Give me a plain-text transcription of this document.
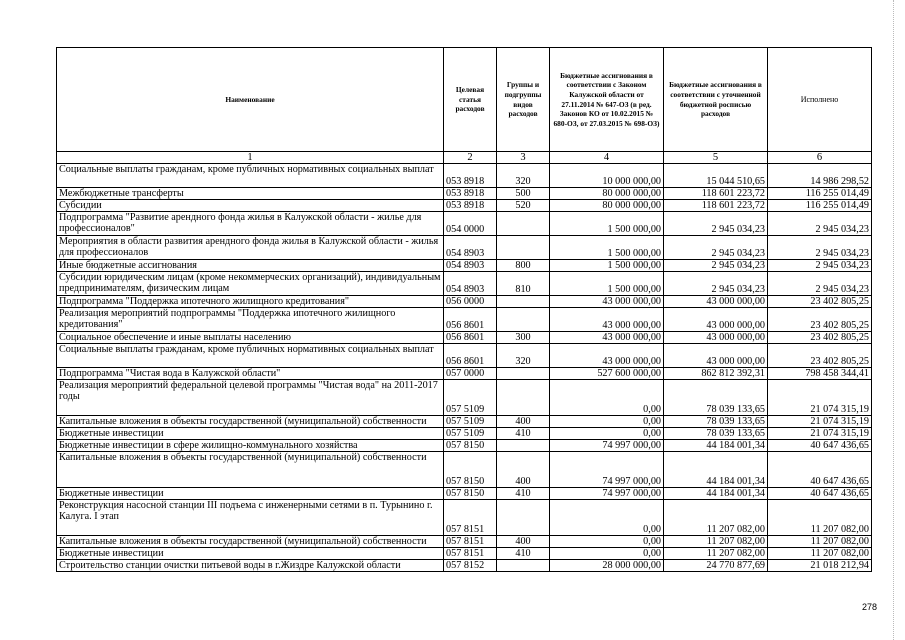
Наименование	Целевая статья расходов	Группы и подгруппы видов расходов	Бюджетные ассигнования в соответствии с Законом Калужской области от 27.11.2014 № 647-ОЗ (в ред. Законов КО от 10.02.2015 № 680-ОЗ, от 27.03.2015 № 698-ОЗ)	Бюджетные ассигнования в соответствии с уточненной бюджетной росписью расходов	Исполнено
1	2	3	4	5	6
Социальные выплаты гражданам, кроме публичных нормативных социальных выплат	053 8918	320	10 000 000,00	15 044 510,65	14 986 298,52
Межбюджетные трансферты	053 8918	500	80 000 000,00	118 601 223,72	116 255 014,49
Субсидии	053 8918	520	80 000 000,00	118 601 223,72	116 255 014,49
Подпрограмма "Развитие арендного фонда жилья в Калужской области - жилье для профессионалов"	054 0000		1 500 000,00	2 945 034,23	2 945 034,23
Мероприятия в области развития арендного фонда жилья в Калужской области - жилья для профессионалов	054 8903		1 500 000,00	2 945 034,23	2 945 034,23
Иные бюджетные ассигнования	054 8903	800	1 500 000,00	2 945 034,23	2 945 034,23
Субсидии юридическим лицам (кроме некоммерческих организаций), индивидуальным предпринимателям, физическим лицам	054 8903	810	1 500 000,00	2 945 034,23	2 945 034,23
Подпрограмма "Поддержка ипотечного жилищного кредитования"	056 0000		43 000 000,00	43 000 000,00	23 402 805,25
Реализация мероприятий подпрограммы "Поддержка ипотечного жилищного кредитования"	056 8601		43 000 000,00	43 000 000,00	23 402 805,25
Социальное обеспечение и иные выплаты населению	056 8601	300	43 000 000,00	43 000 000,00	23 402 805,25
Социальные выплаты гражданам, кроме публичных нормативных социальных выплат	056 8601	320	43 000 000,00	43 000 000,00	23 402 805,25
Подпрограмма "Чистая вода в Калужской области"	057 0000		527 600 000,00	862 812 392,31	798 458 344,41
Реализация мероприятий федеральной целевой программы "Чистая вода" на 2011-2017 годы	057 5109		0,00	78 039 133,65	21 074 315,19
Капитальные вложения в объекты государственной (муниципальной) собственности	057 5109	400	0,00	78 039 133,65	21 074 315,19
Бюджетные инвестиции	057 5109	410	0,00	78 039 133,65	21 074 315,19
Бюджетные инвестиции в сфере жилищно-коммунального хозяйства	057 8150		74 997 000,00	44 184 001,34	40 647 436,65
Капитальные вложения в объекты государственной (муниципальной) собственности	057 8150	400	74 997 000,00	44 184 001,34	40 647 436,65
Бюджетные инвестиции	057 8150	410	74 997 000,00	44 184 001,34	40 647 436,65
Реконструкция насосной станции III подъема с инженерными сетями в п. Турынино г. Калуга. I этап	057 8151		0,00	11 207 082,00	11 207 082,00
Капитальные вложения в объекты государственной (муниципальной) собственности	057 8151	400	0,00	11 207 082,00	11 207 082,00
Бюджетные инвестиции	057 8151	410	0,00	11 207 082,00	11 207 082,00
Строительство станции очистки питьевой воды в г.Жиздре Калужской области	057 8152		28 000 000,00	24 770 877,69	21 018 212,94
278
